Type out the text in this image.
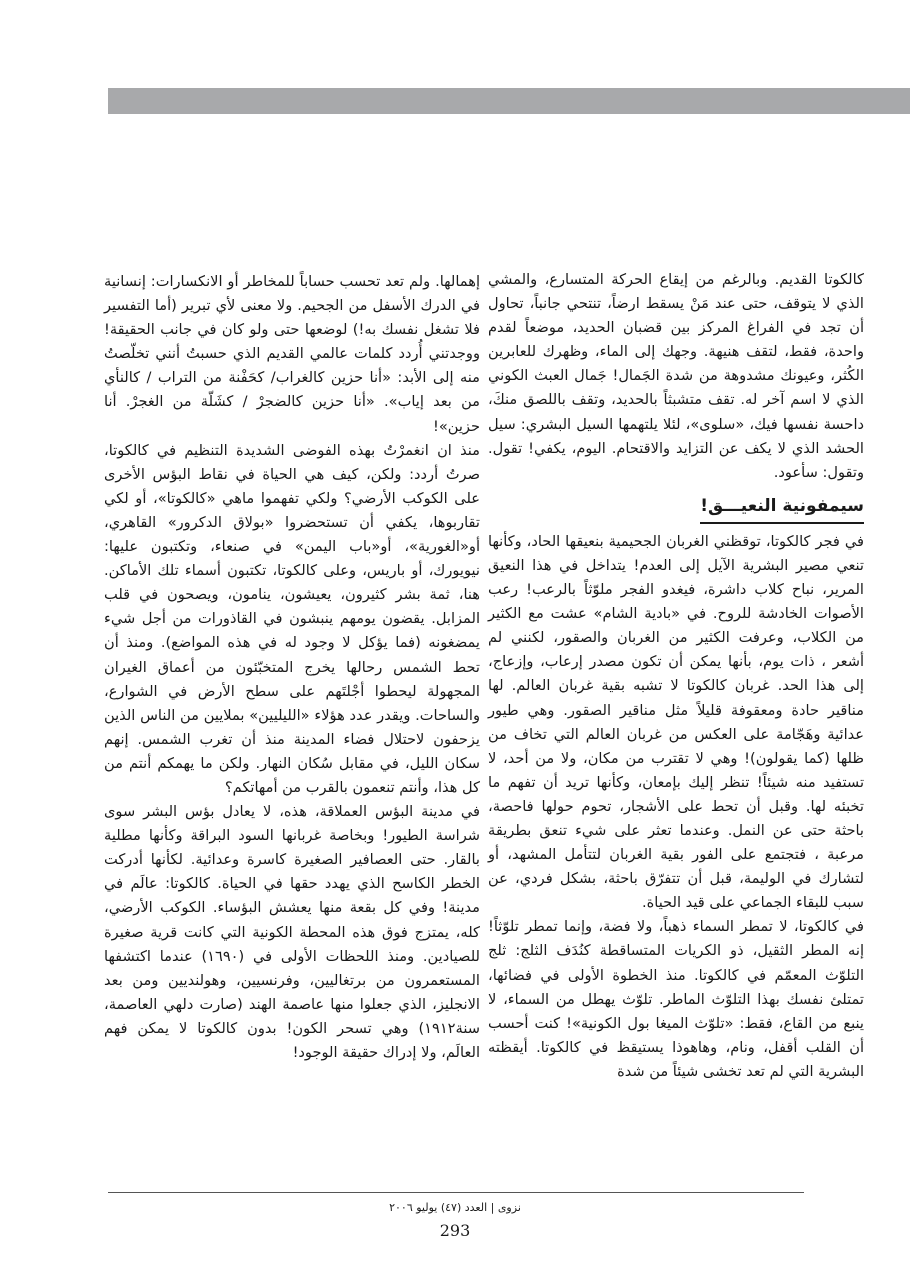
كالكوتا القديم. وبالرغم من إيقاع الحركة المتسارع، والمشي الذي لا يتوقف، حتى عند مَنْ يسقط ارضاً، تنتحي جانباً، تحاول أن تجد في الفراغ المركز بين قضبان الحديد، موضعاً لقدم واحدة، فقط، لتقف هنيهة. وجهك إلى الماء، وظهرك للعابرين الكُثر، وعيونك مشدوهة من شدة الجَمال! جَمال العبث الكوني الذي لا اسم آخر له. تقف متشبثاً بالحديد، وتقف باللصق منكَ، داحسة نفسها فيك، «سلوى»، لئلا يلتهمها السيل البشري: سيل الحشد الذي لا يكف عن التزايد والاقتحام. اليوم، يكفي! تقول. وتقول: سأعود.

سيمفونية النعيـــق!

في فجر كالكوتا، توقظني الغربان الجحيمية بنعيقها الحاد، وكأنها تنعي مصير البشرية الآيل إلى العدم! يتداخل في هذا النعيق المرير، نباح كلاب داشرة، فيغدو الفجر ملوّثاً بالرعب! رعب الأصوات الخادشة للروح. في «بادية الشام» عشت مع الكثير من الكلاب، وعرفت الكثير من الغربان والصقور، لكنني لم أشعر ، ذات يوم، بأنها يمكن أن تكون مصدر إرعاب، وإزعاج، إلى هذا الحد. غربان كالكوتا لا تشبه بقية غربان العالم. لها مناقير حادة ومعقوفة قليلاً مثل مناقير الصقور. وهي طيور عدائية وهَجّامة على العكس من غربان العالم التي تخاف من ظلها (كما يقولون)! وهي لا تقترب من مكان، ولا من أحد، لا تستفيد منه شيئاً! تنظر إليك بإمعان، وكأنها تريد أن تفهم ما تخبئه لها. وقبل أن تحط على الأشجار، تحوم حولها فاحصة، باحثة حتى عن النمل. وعندما تعثر على شيء تنعق بطريقة مرعبة ، فتجتمع على الفور بقية الغربان لتتأمل المشهد، أو لتشارك في الوليمة، قبل أن تتفرّق باحثة، بشكل فردي، عن سبب للبقاء الجماعي على قيد الحياة.

في كالكوتا، لا تمطر السماء ذهباً، ولا فضة، وإنما تمطر تلوّثاً! إنه المطر الثقيل، ذو الكريات المتساقطة كنُدَف الثلج: ثلج التلوّث المعمّم في كالكوتا. منذ الخطوة الأولى في فضائها، تمتلئ نفسك بهذا التلوّث الماطر. تلوّث يهطل من السماء، لا ينبع من القاع، فقط: «تلوّث الميغا بول الكونية»! كنت أحسب أن القلب أقفل، ونام، وهاهوذا يستيقظ في كالكوتا. أيقظته البشرية التي لم تعد تخشى شيئاً من شدة

إهمالها. ولم تعد تحسب حساباً للمخاطر أو الانكسارات: إنسانية في الدرك الأسفل من الجحيم. ولا معنى لأي تبرير (أما التفسير فلا تشغل نفسك به!) لوضعها حتى ولو كان في جانب الحقيقة! ووجدتني أُردد كلمات عالمي القديم الذي حسبتُ أنني تخلّصتُ منه إلى الأبد: «أنا حزين كالغراب/ كحَفْنة من التراب / كالنأي من بعد إياب». «أنا حزين كالضجرْ / كشَلّة من الغجرْ. أنا حزين»!

منذ ان انغمرْتُ بهذه الفوضى الشديدة التنظيم في كالكوتا، صرتُ أردد: ولكن، كيف هي الحياة في نقاط البؤس الأخرى على الكوكب الأرضي؟ ولكي تفهموا ماهي «كالكوتا»، أو لكي تقاربوها، يكفي أن تستحضروا «بولاق الدكرور» القاهري، أو«الغورية»، أو«باب اليمن» في صنعاء، وتكتبون عليها: نيويورك، أو باريس، وعلى كالكوتا، تكتبون أسماء تلك الأماكن. هنا، ثمة بشر كثيرون، يعيشون، ينامون، ويصحون في قلب المزابل. يقضون يومهم ينبشون في القاذورات من أجل شيء يمضغونه (فما يؤكل لا وجود له في هذه المواضع). ومنذ أن تحط الشمس رحالها يخرج المتخبّئون من أعماق الغيران المجهولة ليحطوا أجْلتَهم على سطح الأرض في الشوارع، والساحات. ويقدر عدد هؤلاء «الليليين» بملايين من الناس الذين يزحفون لاحتلال فضاء المدينة منذ أن تغرب الشمس. إنهم سكان الليل، في مقابل سُكان النهار. ولكن ما يهمكم أنتم من كل هذا، وأنتم تنعمون بالقرب من أمهاتكم؟

في مدينة البؤس العملاقة، هذه، لا يعادل بؤس البشر سوى شراسة الطيور! وبخاصة غربانها السود البراقة وكأنها مطلية بالقار. حتى العصافير الصغيرة كاسرة وعدائية. لكأنها أدركت الخطر الكاسح الذي يهدد حقها في الحياة. كالكوتا: عالَم في مدينة! وفي كل بقعة منها يعشش البؤساء. الكوكب الأرضي، كله، يمتزج فوق هذه المحطة الكونية التي كانت قرية صغيرة للصيادين. ومنذ اللحظات الأولى في (١٦٩٠) عندما اكتشفها المستعمرون من برتغاليين، وفرنسيين، وهولنديين ومن بعد الانجليز، الذي جعلوا منها عاصمة الهند (صارت دلهي العاصمة، سنة١٩١٢) وهي تسحر الكون! بدون كالكوتا لا يمكن فهم العالَم، ولا إدراك حقيقة الوجود!

نزوى | العدد (٤٧) يوليو ٢٠٠٦
293
